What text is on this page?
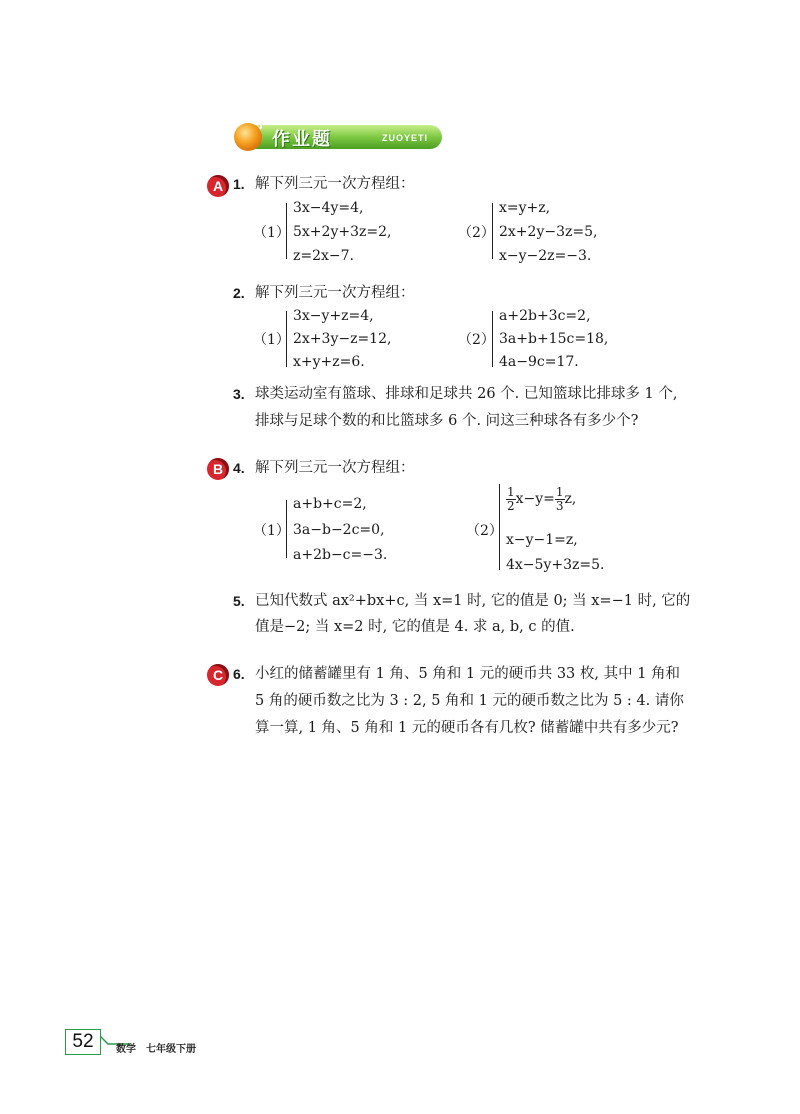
作业题	ZUOYETI
A 1. 解下列三元一次方程组：
（1）
3x−4y=4,
5x+2y+3z=2,
z=2x−7.
（2）
x=y+z,
2x+2y−3z=5,
x−y−2z=−3.
2. 解下列三元一次方程组：
（1）
3x−y+z=4,
2x+3y−z=12,
x+y+z=6.
（2）
a+2b+3c=2,
3a+b+15c=18,
4a−9c=17.
3. 球类运动室有篮球、排球和足球共 26 个. 已知篮球比排球多 1 个,
排球与足球个数的和比篮球多 6 个. 问这三种球各有多少个?
B 4. 解下列三元一次方程组：
（1）
a+b+c=2,
3a−b−2c=0,
a+2b−c=−3.
（2）
$\frac{1}{2} x-y= \frac{1}{3} z$,
x−y−1=z,
4x−5y+3z=5.
5. 已知代数式 ax²+bx+c, 当 x=1 时, 它的值是 0; 当 x=−1 时, 它的
值是−2; 当 x=2 时, 它的值是 4. 求 a, b, c 的值.
C 6. 小红的储蓄罐里有 1 角、5 角和 1 元的硬币共 33 枚, 其中 1 角和
5 角的硬币数之比为 3 : 2, 5 角和 1 元的硬币数之比为 5 : 4. 请你
算一算, 1 角、5 角和 1 元的硬币各有几枚? 储蓄罐中共有多少元?
52	数学　七年级下册
